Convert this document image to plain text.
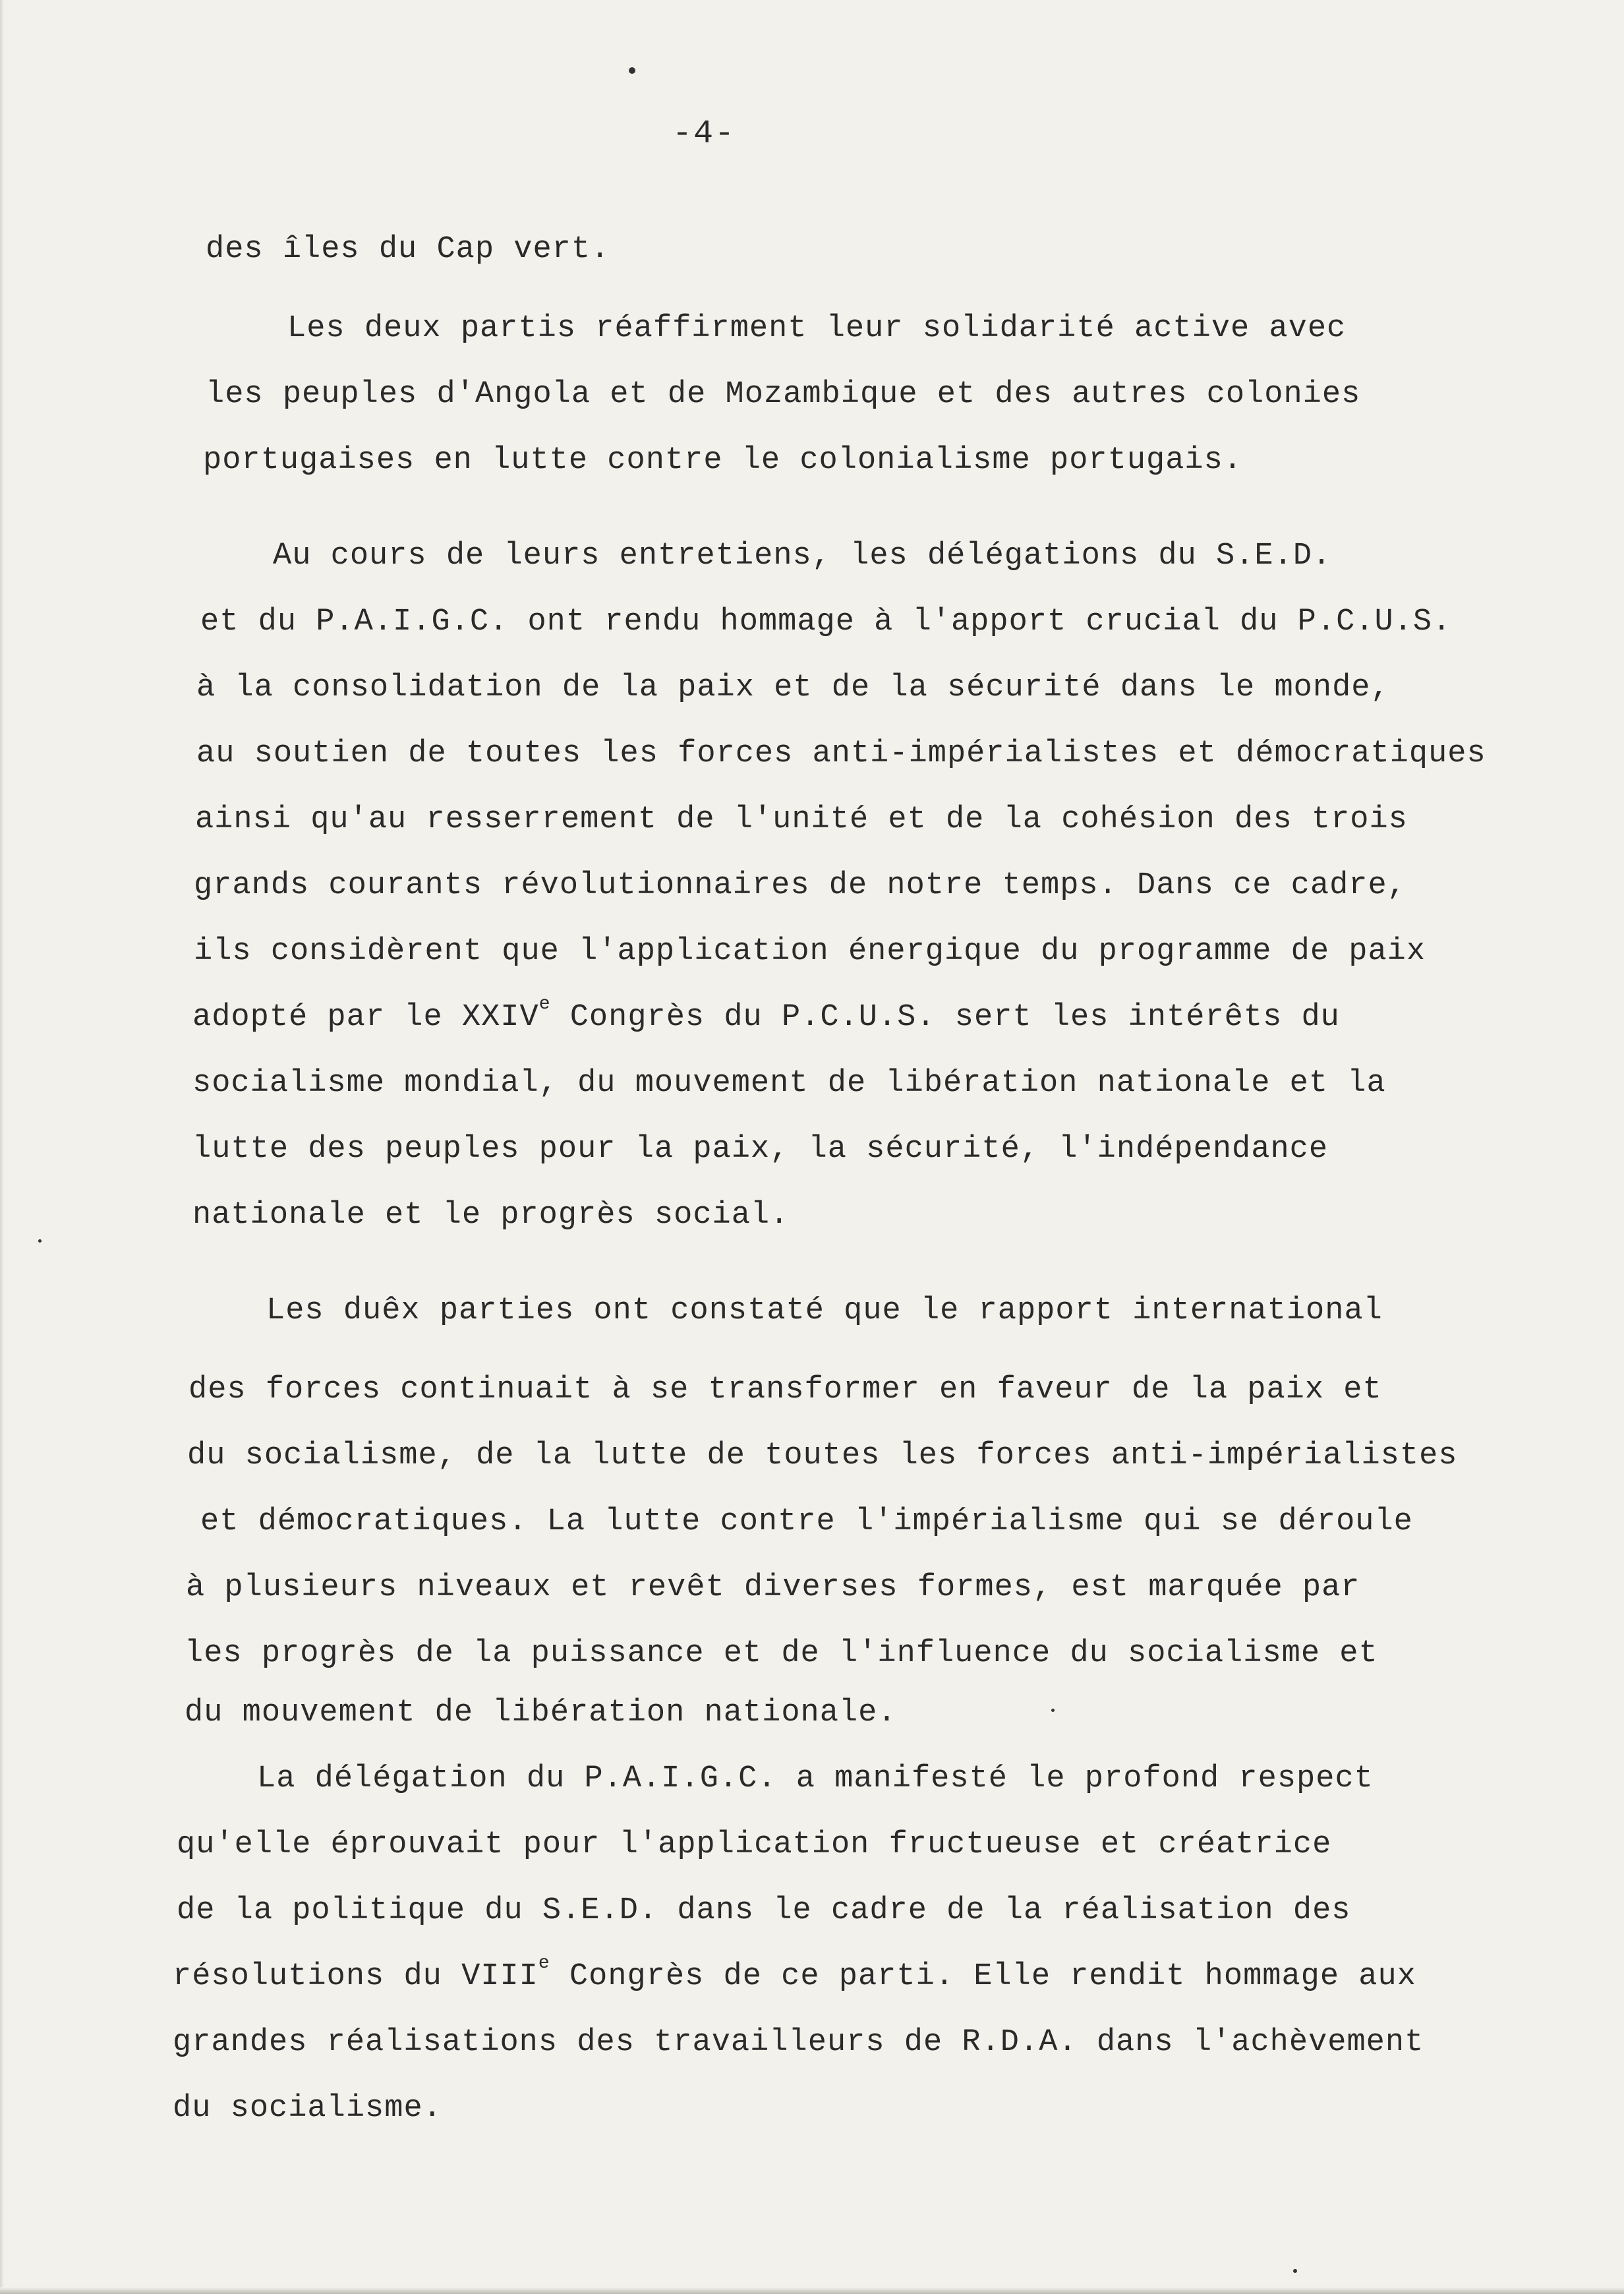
-4-
des îles du Cap vert.
Les deux partis réaffirment leur solidarité active avec
les peuples d'Angola et de Mozambique et des autres colonies
portugaises en lutte contre le colonialisme portugais.
Au cours de leurs entretiens, les délégations du S.E.D.
et du P.A.I.G.C. ont rendu hommage à l'apport crucial du P.C.U.S.
à la consolidation de la paix et de la sécurité dans le monde,
au soutien de toutes les forces anti-impérialistes et démocratiques
ainsi qu'au resserrement de l'unité et de la cohésion des trois
grands courants révolutionnaires de notre temps. Dans ce cadre,
ils considèrent que l'application énergique du programme de paix
adopté par le XXIVe Congrès du P.C.U.S. sert les intérêts du
socialisme mondial, du mouvement de libération nationale et la
lutte des peuples pour la paix, la sécurité, l'indépendance
nationale et le progrès social.
Les duêx parties ont constaté que le rapport international
des forces continuait à se transformer en faveur de la paix et
du socialisme, de la lutte de toutes les forces anti-impérialistes
et démocratiques. La lutte contre l'impérialisme qui se déroule
à plusieurs niveaux et revêt diverses formes, est marquée par
les progrès de la puissance et de l'influence du socialisme et
du mouvement de libération nationale.
La délégation du P.A.I.G.C. a manifesté le profond respect
qu'elle éprouvait pour l'application fructueuse et créatrice
de la politique du S.E.D. dans le cadre de la réalisation des
résolutions du VIIIe Congrès de ce parti. Elle rendit hommage aux
grandes réalisations des travailleurs de R.D.A. dans l'achèvement
du socialisme.
